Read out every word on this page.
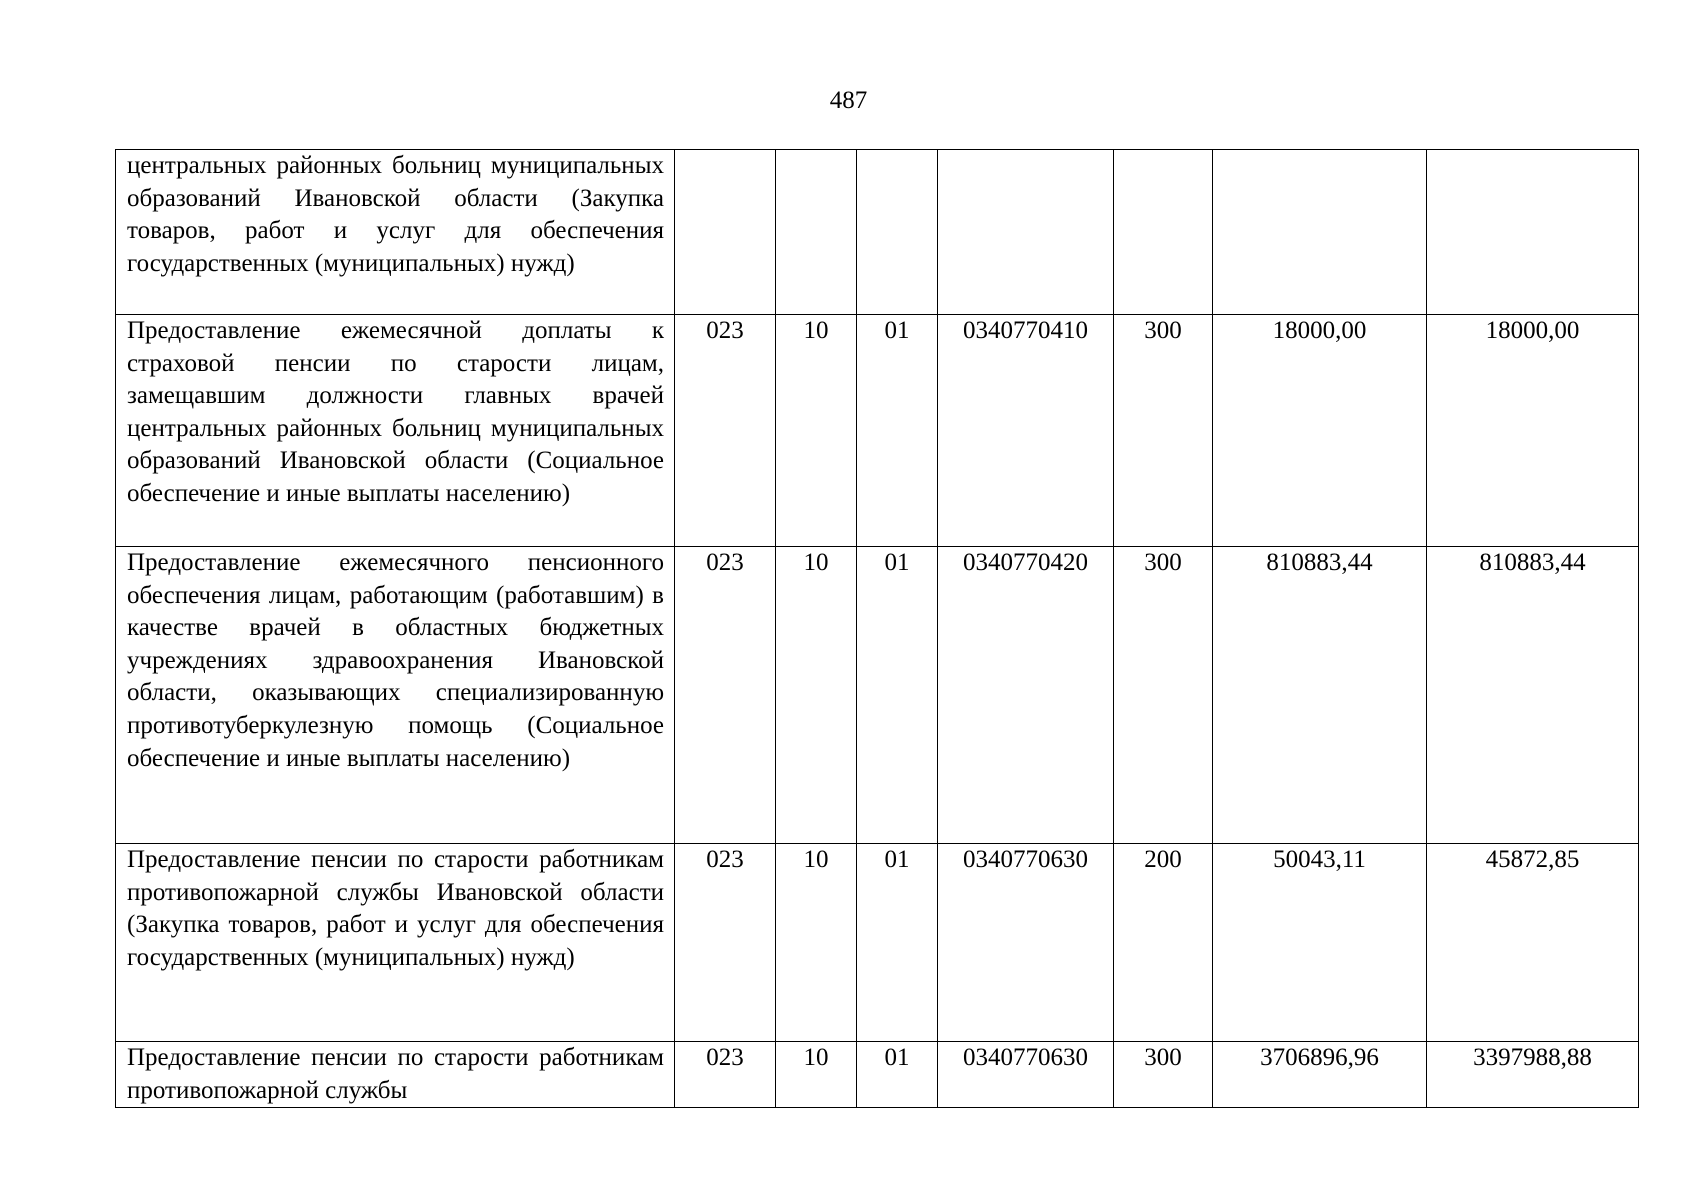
487
центральных районных больниц муниципальных образований Ивановской области (Закупка товаров, работ и услуг для обеспечения государственных (муниципальных) нужд)							
Предоставление ежемесячной доплаты к страховой пенсии по старости лицам, замещавшим должности главных врачей центральных районных больниц муниципальных образований Ивановской области (Социальное обеспечение и иные выплаты населению)	023	10	01	0340770410	300	18000,00	18000,00
Предоставление ежемесячного пенсионного обеспечения лицам, работающим (работавшим) в качестве врачей в областных бюджетных учреждениях здравоохранения Ивановской области, оказывающих специализированную противотуберкулезную помощь (Социальное обеспечение и иные выплаты населению)	023	10	01	0340770420	300	810883,44	810883,44
Предоставление пенсии по старости работникам противопожарной службы Ивановской области (Закупка товаров, работ и услуг для обеспечения государственных (муниципальных) нужд)	023	10	01	0340770630	200	50043,11	45872,85
Предоставление пенсии по старости работникам противопожарной службы	023	10	01	0340770630	300	3706896,96	3397988,88
